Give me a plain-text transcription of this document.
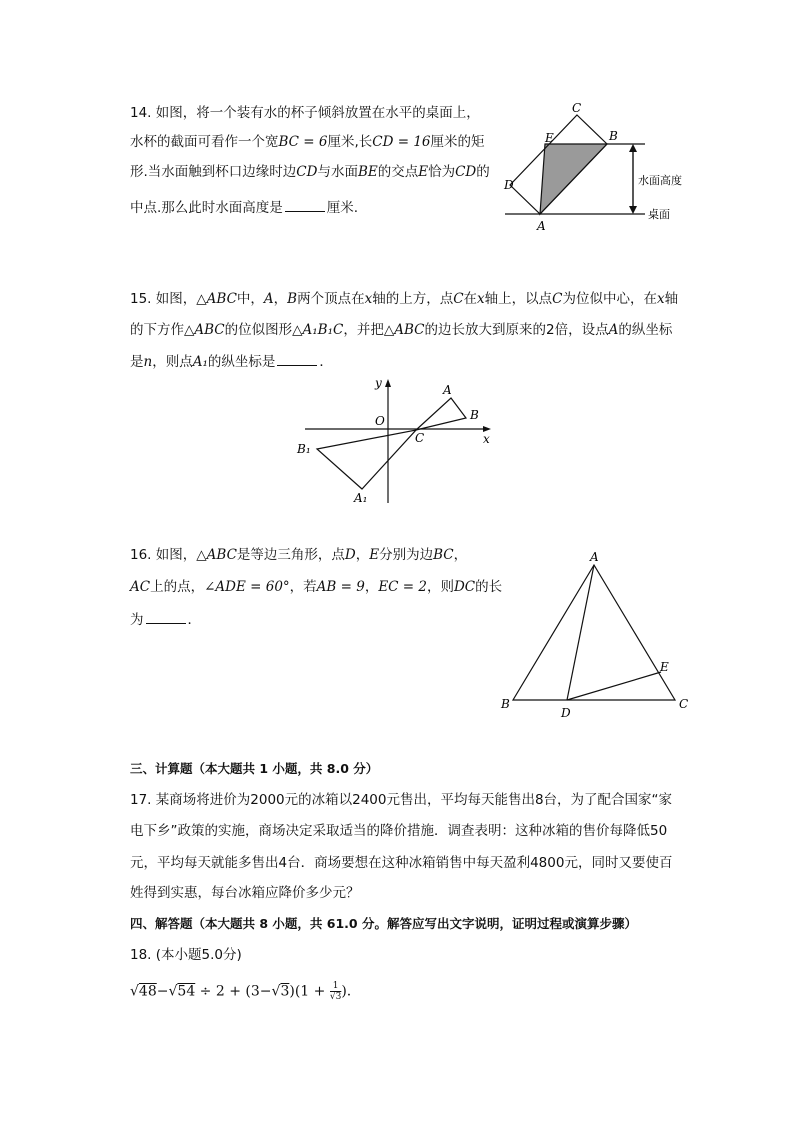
14. 如图，将一个装有水的杯子倾斜放置在水平的桌面上，
水杯的截面可看作一个宽BC = 6厘米,长CD = 16厘米的矩
形.当水面触到杯口边缘时边CD与水面BE的交点E恰为CD的
中点.那么此时水面高度是	厘米.
C
B
E
D
A
水面高度
桌面
15. 如图，△ABC中，A，B两个顶点在x轴的上方，点C在x轴上，以点C为位似中心，在x轴
的下方作△ABC的位似图形△A₁B₁C，并把△ABC的边长放大到原来的2倍，设点A的纵坐标
是n，则点A₁的纵坐标是	．
y
x
O
C
A
B
B₁
A₁
16. 如图，△ABC是等边三角形，点D，E分别为边BC，
AC上的点，∠ADE = 60°，若AB = 9，EC = 2，则DC的长
为	．
A
B	C
D
E
三、计算题（本大题共 1 小题，共 8.0 分）
17. 某商场将进价为2000元的冰箱以2400元售出，平均每天能售出8台，为了配合国家“家
电下乡”政策的实施，商场决定采取适当的降价措施．调查表明：这种冰箱的售价每降低50
元，平均每天就能多售出4台．商场要想在这种冰箱销售中每天盈利4800元，同时又要使百
姓得到实惠，每台冰箱应降价多少元？
四、解答题（本大题共 8 小题，共 61.0 分。解答应写出文字说明，证明过程或演算步骤）
18. (本小题5.0分)
$√48-√54 \div 2 + (3-√3)(1 + \frac{1}{√3}$ ).
